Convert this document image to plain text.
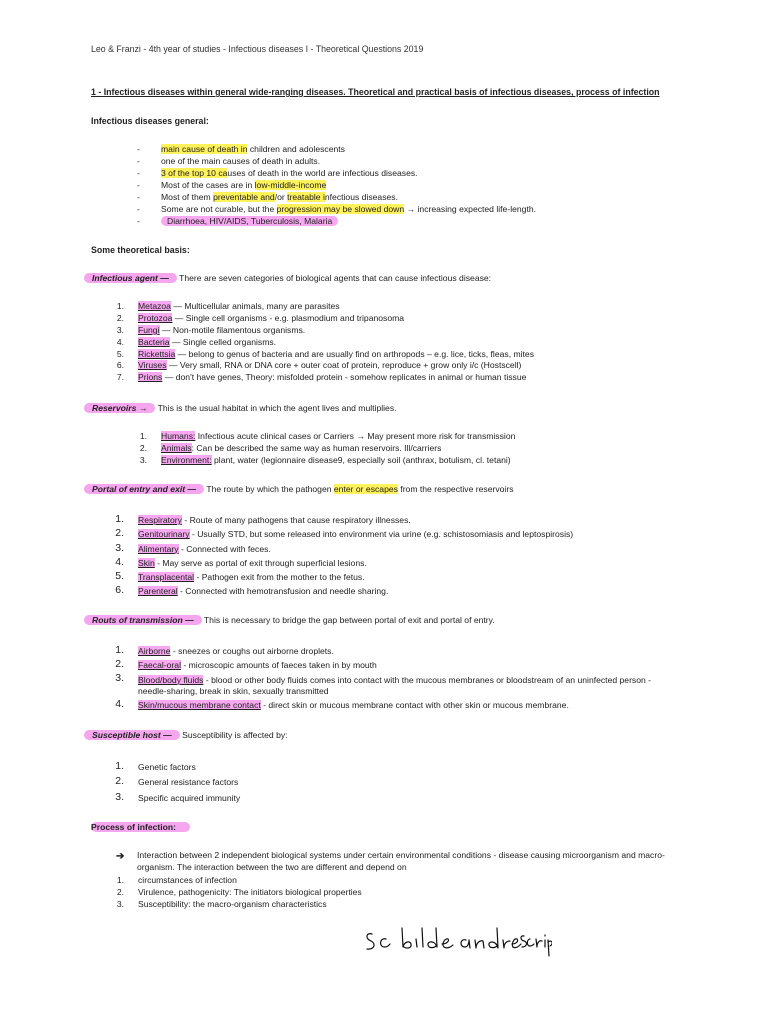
Leo & Franzi - 4th year of studies - Infectious diseases I - Theoretical Questions 2019
1 - Infectious diseases within general wide-ranging diseases. Theoretical and practical basis of infectious diseases, process of infection
Infectious diseases general:
- main cause of death in children and adolescents
- one of the main causes of death in adults.
- 3 of the top 10 causes of death in the world are infectious diseases.
- Most of the cases are in low-middle-income
- Most of them preventable and/or treatable infectious diseases.
- Some are not curable, but the progression may be slowed down → increasing expected life-length.
- Diarrhoea, HIV/AIDS, Tuberculosis, Malaria
Some theoretical basis:
Infectious agent — There are seven categories of biological agents that can cause infectious disease:
1. Metazoa — Multicellular animals, many are parasites
2. Protozoa — Single cell organisms - e.g. plasmodium and tripanosoma
3. Fungi — Non-motile filamentous organisms.
4. Bacteria — Single celled organisms.
5. Rickettsia — belong to genus of bacteria and are usually find on arthropods – e.g. lice, ticks, fleas, mites
6. Viruses — Very small, RNA or DNA core + outer coat of protein, reproduce + grow only i/c (Hostscell)
7. Prions — don't have genes, Theory: misfolded protein - somehow replicates in animal or human tissue
Reservoirs → This is the usual habitat in which the agent lives and multiplies.
1. Humans: Infectious acute clinical cases or Carriers → May present more risk for transmission
2. Animals: Can be described the same way as human reservoirs. Ill/carriers
3. Environment: plant, water (legionnaire disease9, especially soil (anthrax, botulism, cl. tetani)
Portal of entry and exit — The route by which the pathogen enter or escapes from the respective reservoirs
1. Respiratory - Route of many pathogens that cause respiratory illnesses.
2. Genitourinary - Usually STD, but some released into environment via urine (e.g. schistosomiasis and leptospirosis)
3. Alimentary - Connected with feces.
4. Skin - May serve as portal of exit through superficial lesions.
5. Transplacental - Pathogen exit from the mother to the fetus.
6. Parenteral - Connected with hemotransfusion and needle sharing.
Routs of transmission — This is necessary to bridge the gap between portal of exit and portal of entry.
1. Airborne - sneezes or coughs out airborne droplets.
2. Faecal-oral - microscopic amounts of faeces taken in by mouth
3. Blood/body fluids - blood or other body fluids comes into contact with the mucous membranes or bloodstream of an uninfected person - needle-sharing, break in skin, sexually transmitted
4. Skin/mucous membrane contact - direct skin or mucous membrane contact with other skin or mucous membrane.
Susceptible host — Susceptibility is affected by:
1. Genetic factors
2. General resistance factors
3. Specific acquired immunity
Process of infection:
➔ Interaction between 2 independent biological systems under certain environmental conditions - disease causing microorganism and macro-organism. The interaction between the two are different and depend on
1. circumstances of infection
2. Virulence, pathogenicity: The initiators biological properties
3. Susceptibility: the macro-organism characteristics
